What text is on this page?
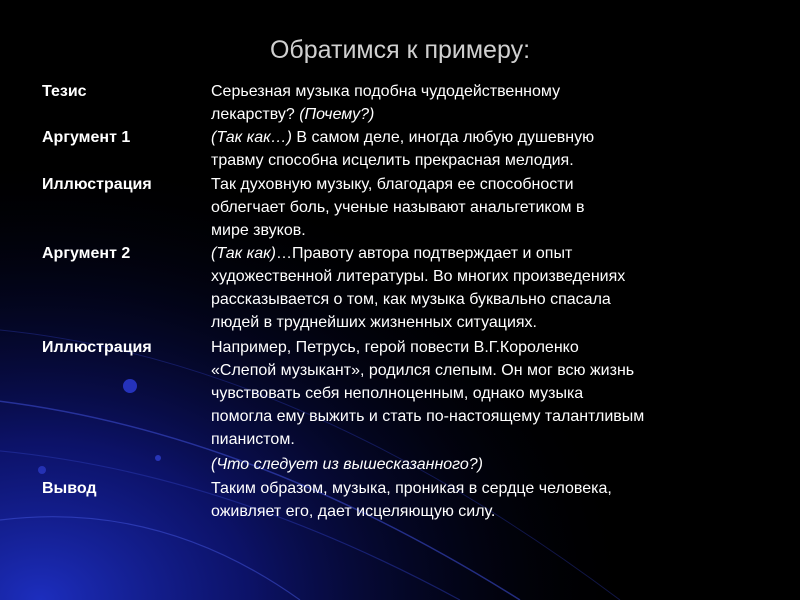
Обратимся к примеру:
Тезис	Серьезная музыка подобна чудодейственному
лекарству? (Почему?)
Аргумент 1	(Так как…) В самом деле, иногда любую душевную
травму способна исцелить прекрасная мелодия.
Иллюстрация	Так духовную музыку, благодаря ее способности
облегчает боль, ученые называют анальгетиком в
мире звуков.
Аргумент 2	(Так как)…Правоту автора подтверждает и опыт
художественной литературы. Во многих произведениях
рассказывается о том, как музыка буквально спасала
людей в труднейших жизненных ситуациях.
Иллюстрация	Например, Петрусь, герой повести В.Г.Короленко
«Слепой музыкант», родился слепым. Он мог всю жизнь
чувствовать себя неполноценным, однако музыка
помогла ему выжить и стать по-настоящему талантливым
пианистом.
(Что следует из вышесказанного?)
Вывод	Таким образом, музыка, проникая в сердце человека,
оживляет его, дает исцеляющую силу.
